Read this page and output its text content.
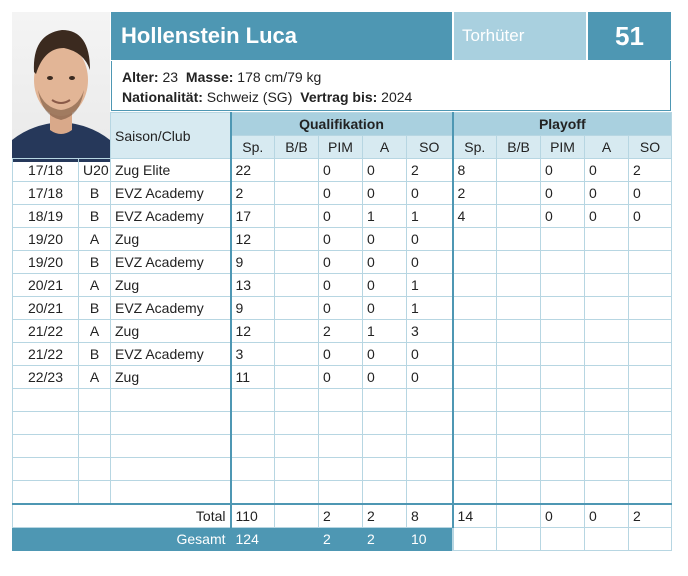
Hollenstein Luca	Torhüter	51
Alter: 23 Masse: 178 cm/79 kg
Nationalität: Schweiz (SG) Vertrag bis: 2024
		Saison/Club	Qualifikation					Playoff				
			Sp.	B/B	PIM	A	SO	Sp.	B/B	PIM	A	SO
17/18	U20	Zug Elite	22		0	0	2	8		0	0	2
17/18	B	EVZ Academy	2		0	0	0	2		0	0	0
18/19	B	EVZ Academy	17		0	1	1	4		0	0	0
19/20	A	Zug	12		0	0	0					
19/20	B	EVZ Academy	9		0	0	0					
20/21	A	Zug	13		0	0	1					
20/21	B	EVZ Academy	9		0	0	1					
21/22	A	Zug	12		2	1	3					
21/22	B	EVZ Academy	3		0	0	0					
22/23	A	Zug	11		0	0	0					

Total			110		2	2	8	14		0	0	2
Gesamt			124		2	2	10					
